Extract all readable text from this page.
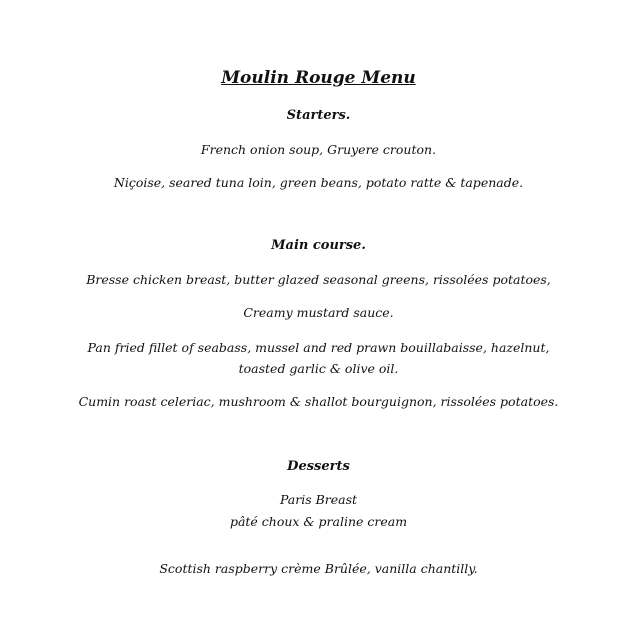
Moulin Rouge Menu
Starters.
French onion soup, Gruyere crouton.
Niçoise, seared tuna loin, green beans, potato ratte & tapenade.
Main course.
Bresse chicken breast, butter glazed seasonal greens, rissolées potatoes,
Creamy mustard sauce.
Pan fried fillet of seabass, mussel and red prawn bouillabaisse, hazelnut,
toasted garlic & olive oil.
Cumin roast celeriac, mushroom & shallot bourguignon, rissolées potatoes.
Desserts
Paris Breast
pâté choux & praline cream
Scottish raspberry crème Brûlée, vanilla chantilly.
